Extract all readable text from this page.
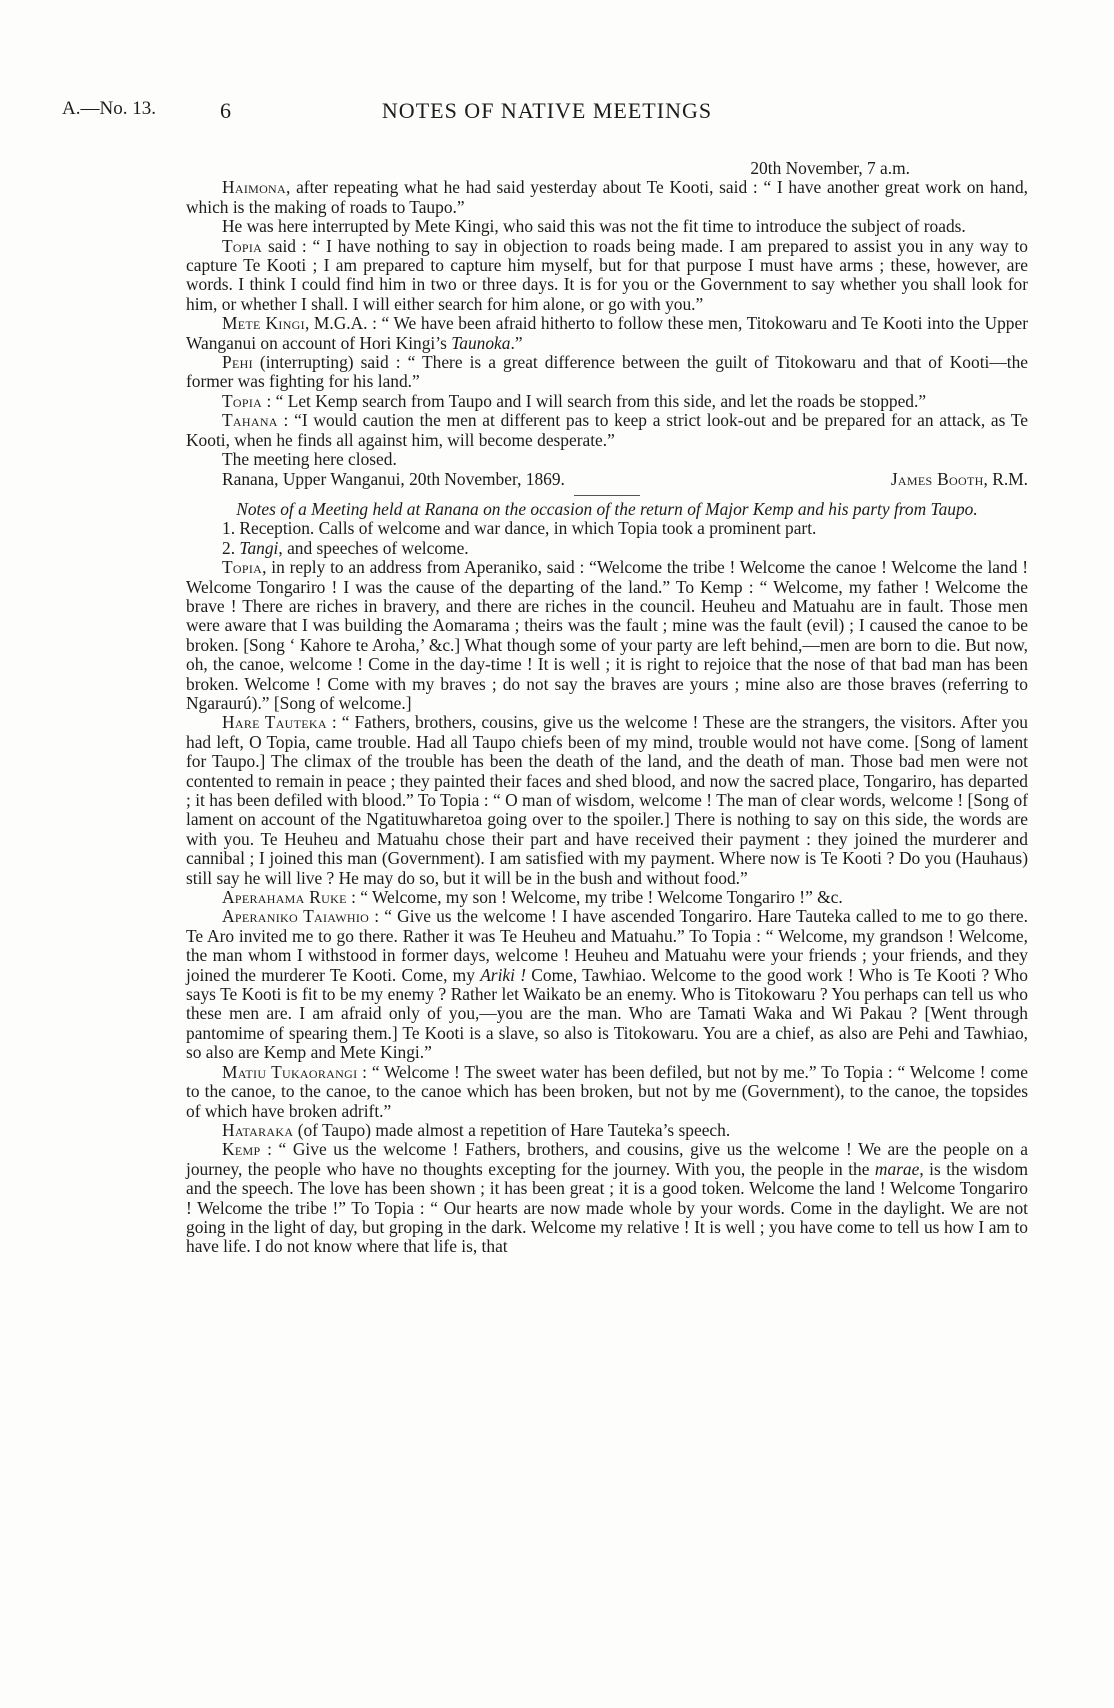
NOTES OF NATIVE MEETINGS
A.—No. 13.	6

20th November, 7 a.m.

Haimona, after repeating what he had said yesterday about Te Kooti, said : “ I have another great work on hand, which is the making of roads to Taupo.”

He was here interrupted by Mete Kingi, who said this was not the fit time to introduce the subject of roads.

Topia said : “ I have nothing to say in objection to roads being made. I am prepared to assist you in any way to capture Te Kooti ; I am prepared to capture him myself, but for that purpose I must have arms ; these, however, are words. I think I could find him in two or three days. It is for you or the Government to say whether you shall look for him, or whether I shall. I will either search for him alone, or go with you.”

Mete Kingi, M.G.A. : “ We have been afraid hitherto to follow these men, Titokowaru and Te Kooti into the Upper Wanganui on account of Hori Kingi’s Taunoka.”

Pehi (interrupting) said : “ There is a great difference between the guilt of Titokowaru and that of Kooti—the former was fighting for his land.”

Topia : “ Let Kemp search from Taupo and I will search from this side, and let the roads be stopped.”

Tahana : “I would caution the men at different pas to keep a strict look-out and be prepared for an attack, as Te Kooti, when he finds all against him, will become desperate.”

The meeting here closed.

Ranana, Upper Wanganui, 20th November, 1869.	James Booth, R.M.

Notes of a Meeting held at Ranana on the occasion of the return of Major Kemp and his party from Taupo.

1. Reception. Calls of welcome and war dance, in which Topia took a prominent part.

2. Tangi, and speeches of welcome.

Topia, in reply to an address from Aperaniko, said : “Welcome the tribe ! Welcome the canoe ! Welcome the land ! Welcome Tongariro ! I was the cause of the departing of the land.” To Kemp : “ Welcome, my father ! Welcome the brave ! There are riches in bravery, and there are riches in the council. Heuheu and Matuahu are in fault. Those men were aware that I was building the Aomarama ; theirs was the fault ; mine was the fault (evil) ; I caused the canoe to be broken. [Song ‘ Kahore te Aroha,’ &c.] What though some of your party are left behind,—men are born to die. But now, oh, the canoe, welcome ! Come in the day-time ! It is well ; it is right to rejoice that the nose of that bad man has been broken. Welcome ! Come with my braves ; do not say the braves are yours ; mine also are those braves (referring to Ngaraurú).” [Song of welcome.]

Hare Tauteka : “ Fathers, brothers, cousins, give us the welcome ! These are the strangers, the visitors. After you had left, O Topia, came trouble. Had all Taupo chiefs been of my mind, trouble would not have come. [Song of lament for Taupo.] The climax of the trouble has been the death of the land, and the death of man. Those bad men were not contented to remain in peace ; they painted their faces and shed blood, and now the sacred place, Tongariro, has departed ; it has been defiled with blood.” To Topia : “ O man of wisdom, welcome ! The man of clear words, welcome ! [Song of lament on account of the Ngatituwharetoa going over to the spoiler.] There is nothing to say on this side, the words are with you. Te Heuheu and Matuahu chose their part and have received their payment : they joined the murderer and cannibal ; I joined this man (Government). I am satisfied with my payment. Where now is Te Kooti ? Do you (Hauhaus) still say he will live ? He may do so, but it will be in the bush and without food.”

Aperahama Ruke : “ Welcome, my son ! Welcome, my tribe ! Welcome Tongariro !” &c.

Aperaniko Taiawhio : “ Give us the welcome ! I have ascended Tongariro. Hare Tauteka called to me to go there. Te Aro invited me to go there. Rather it was Te Heuheu and Matuahu.” To Topia : “ Welcome, my grandson ! Welcome, the man whom I withstood in former days, welcome ! Heuheu and Matuahu were your friends ; your friends, and they joined the murderer Te Kooti. Come, my Ariki ! Come, Tawhiao. Welcome to the good work ! Who is Te Kooti ? Who says Te Kooti is fit to be my enemy ? Rather let Waikato be an enemy. Who is Titokowaru ? You perhaps can tell us who these men are. I am afraid only of you,—you are the man. Who are Tamati Waka and Wi Pakau ? [Went through pantomime of spearing them.] Te Kooti is a slave, so also is Titokowaru. You are a chief, as also are Pehi and Tawhiao, so also are Kemp and Mete Kingi.”

Matiu Tukaorangi : “ Welcome ! The sweet water has been defiled, but not by me.” To Topia : “ Welcome ! come to the canoe, to the canoe, to the canoe which has been broken, but not by me (Government), to the canoe, the topsides of which have broken adrift.”

Hataraka (of Taupo) made almost a repetition of Hare Tauteka’s speech.

Kemp : “ Give us the welcome ! Fathers, brothers, and cousins, give us the welcome ! We are the people on a journey, the people who have no thoughts excepting for the journey. With you, the people in the marae, is the wisdom and the speech. The love has been shown ; it has been great ; it is a good token. Welcome the land ! Welcome Tongariro ! Welcome the tribe !” To Topia : “ Our hearts are now made whole by your words. Come in the daylight. We are not going in the light of day, but groping in the dark. Welcome my relative ! It is well ; you have come to tell us how I am to have life. I do not know where that life is, that
